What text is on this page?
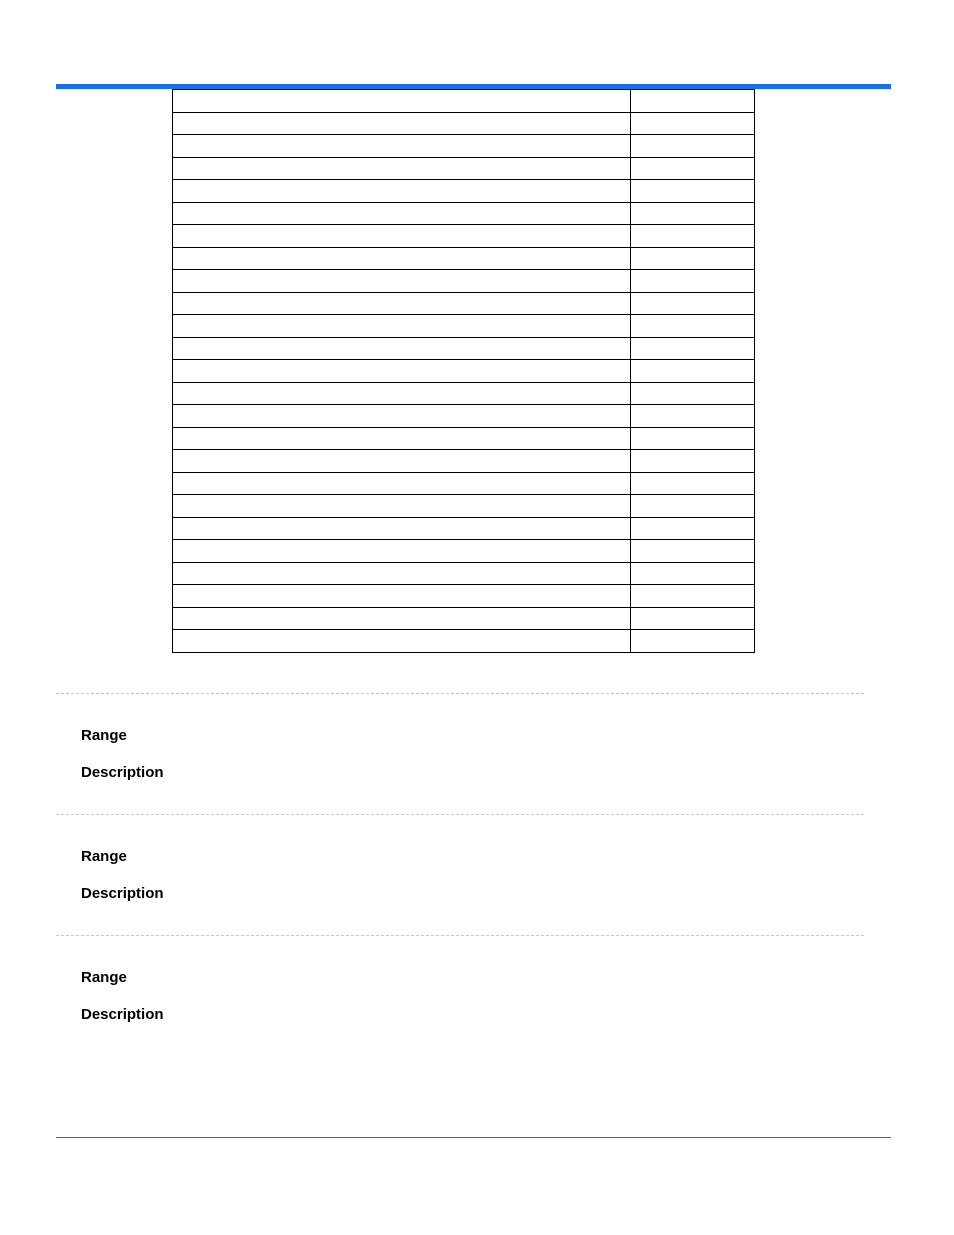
Range
Description
Range
Description
Range
Description
